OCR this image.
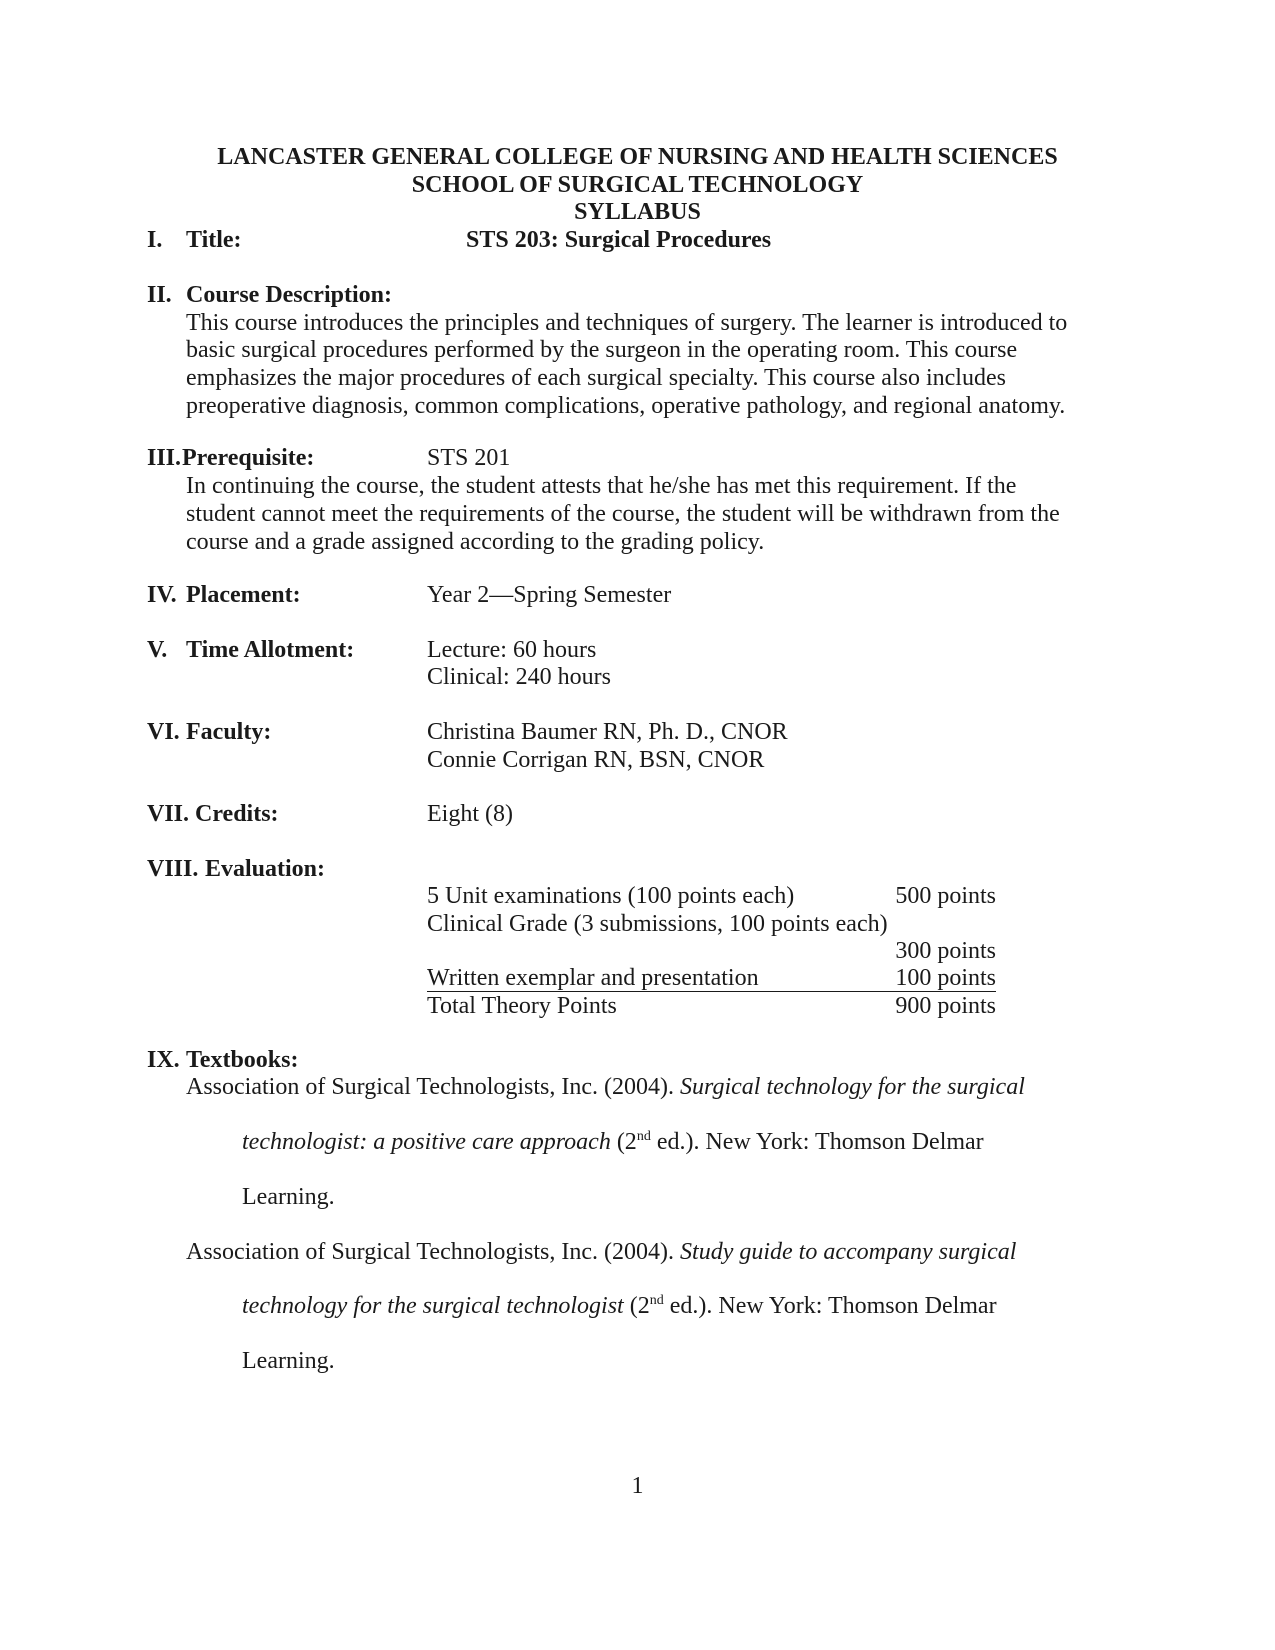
LANCASTER GENERAL COLLEGE OF NURSING AND HEALTH SCIENCES
SCHOOL OF SURGICAL TECHNOLOGY
SYLLABUS
I. Title:	STS 203: Surgical Procedures
II. Course Description:
This course introduces the principles and techniques of surgery. The learner is introduced to
basic surgical procedures performed by the surgeon in the operating room. This course
emphasizes the major procedures of each surgical specialty. This course also includes
preoperative diagnosis, common complications, operative pathology, and regional anatomy.
III. Prerequisite:	STS 201
In continuing the course, the student attests that he/she has met this requirement. If the
student cannot meet the requirements of the course, the student will be withdrawn from the
course and a grade assigned according to the grading policy.
IV. Placement:	Year 2—Spring Semester
V. Time Allotment:	Lecture: 60 hours
Clinical: 240 hours
VI. Faculty:	Christina Baumer RN, Ph. D., CNOR
Connie Corrigan RN, BSN, CNOR
VII. Credits:	Eight (8)
VIII. Evaluation:
5 Unit examinations (100 points each)	500 points
Clinical Grade (3 submissions, 100 points each)
300 points
Written exemplar and presentation	100 points
Total Theory Points	900 points
IX. Textbooks:
Association of Surgical Technologists, Inc. (2004). Surgical technology for the surgical
technologist: a positive care approach (2nd ed.). New York: Thomson Delmar
Learning.
Association of Surgical Technologists, Inc. (2004). Study guide to accompany surgical
technology for the surgical technologist (2nd ed.). New York: Thomson Delmar
Learning.
1
